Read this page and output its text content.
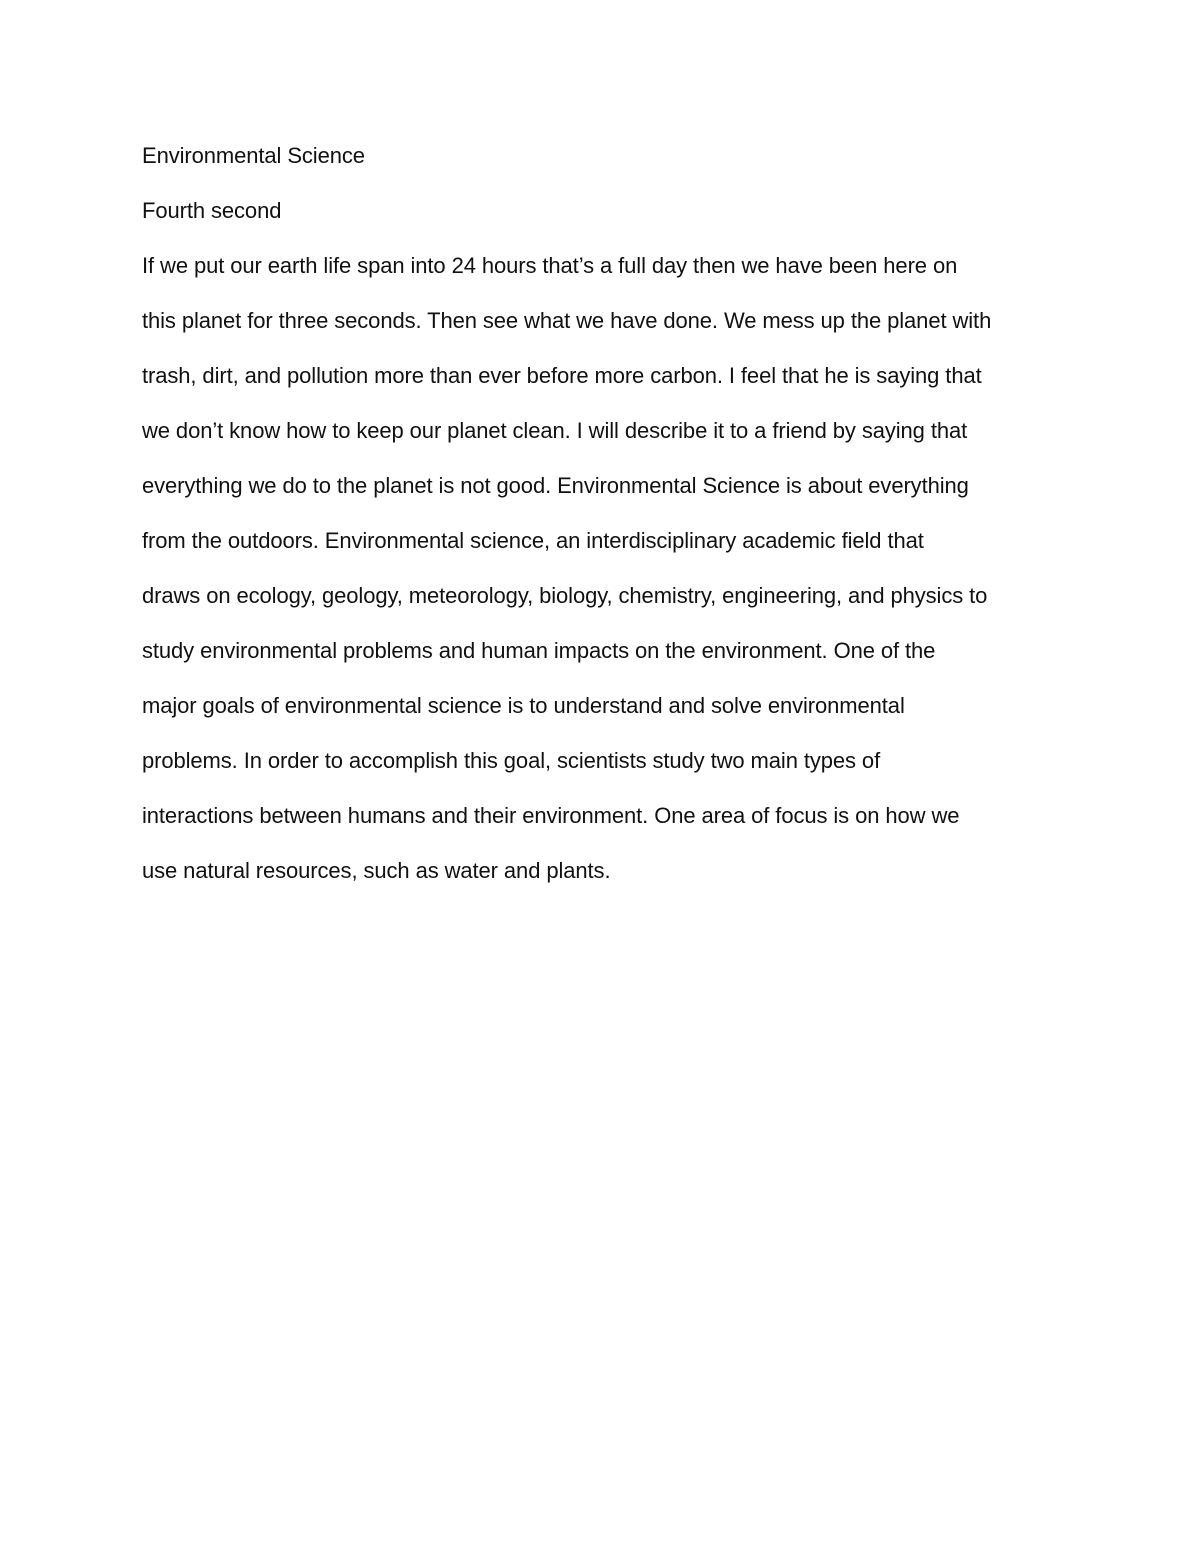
Environmental Science

Fourth second

If we put our earth life span into 24 hours that’s a full day then we have been here on
this planet for three seconds. Then see what we have done. We mess up the planet with
trash, dirt, and pollution more than ever before more carbon. I feel that he is saying that
we don’t know how to keep our planet clean. I will describe it to a friend by saying that
everything we do to the planet is not good. Environmental Science is about everything
from the outdoors. Environmental science, an interdisciplinary academic field that
draws on ecology, geology, meteorology, biology, chemistry, engineering, and physics to
study environmental problems and human impacts on the environment. One of the
major goals of environmental science is to understand and solve environmental
problems. In order to accomplish this goal, scientists study two main types of
interactions between humans and their environment. One area of focus is on how we
use natural resources, such as water and plants.
